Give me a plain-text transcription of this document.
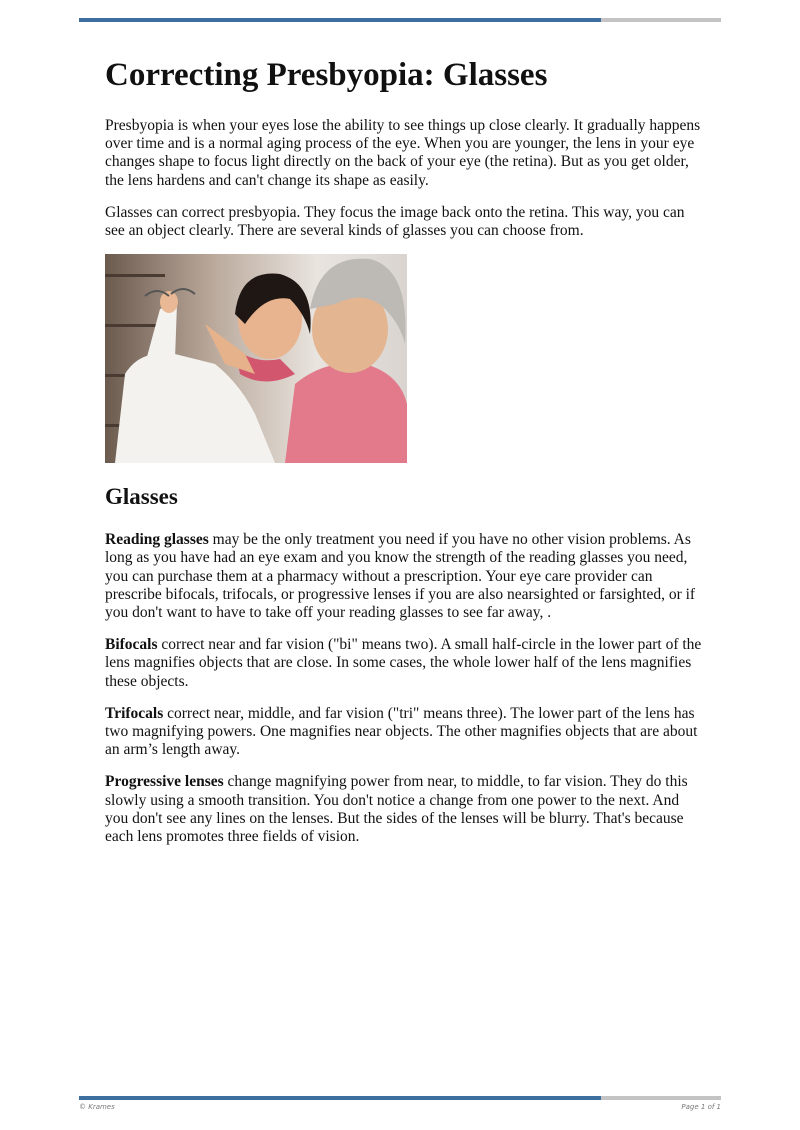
Correcting Presbyopia: Glasses

Presbyopia is when your eyes lose the ability to see things up close clearly. It gradually happens over time and is a normal aging process of the eye. When you are younger, the lens in your eye changes shape to focus light directly on the back of your eye (the retina). But as you get older, the lens hardens and can't change its shape as easily.

Glasses can correct presbyopia. They focus the image back onto the retina. This way, you can see an object clearly. There are several kinds of glasses you can choose from.

Glasses

Reading glasses may be the only treatment you need if you have no other vision problems. As long as you have had an eye exam and you know the strength of the reading glasses you need, you can purchase them at a pharmacy without a prescription. Your eye care provider can prescribe bifocals, trifocals, or progressive lenses if you are also nearsighted or farsighted, or if you don't want to have to take off your reading glasses to see far away, .

Bifocals correct near and far vision ("bi" means two). A small half-circle in the lower part of the lens magnifies objects that are close. In some cases, the whole lower half of the lens magnifies these objects.

Trifocals correct near, middle, and far vision ("tri" means three). The lower part of the lens has two magnifying powers. One magnifies near objects. The other magnifies objects that are about an arm’s length away.

Progressive lenses change magnifying power from near, to middle, to far vision. They do this slowly using a smooth transition. You don't notice a change from one power to the next. And you don't see any lines on the lenses. But the sides of the lenses will be blurry. That's because each lens promotes three fields of vision.

© Krames	Page 1 of 1
